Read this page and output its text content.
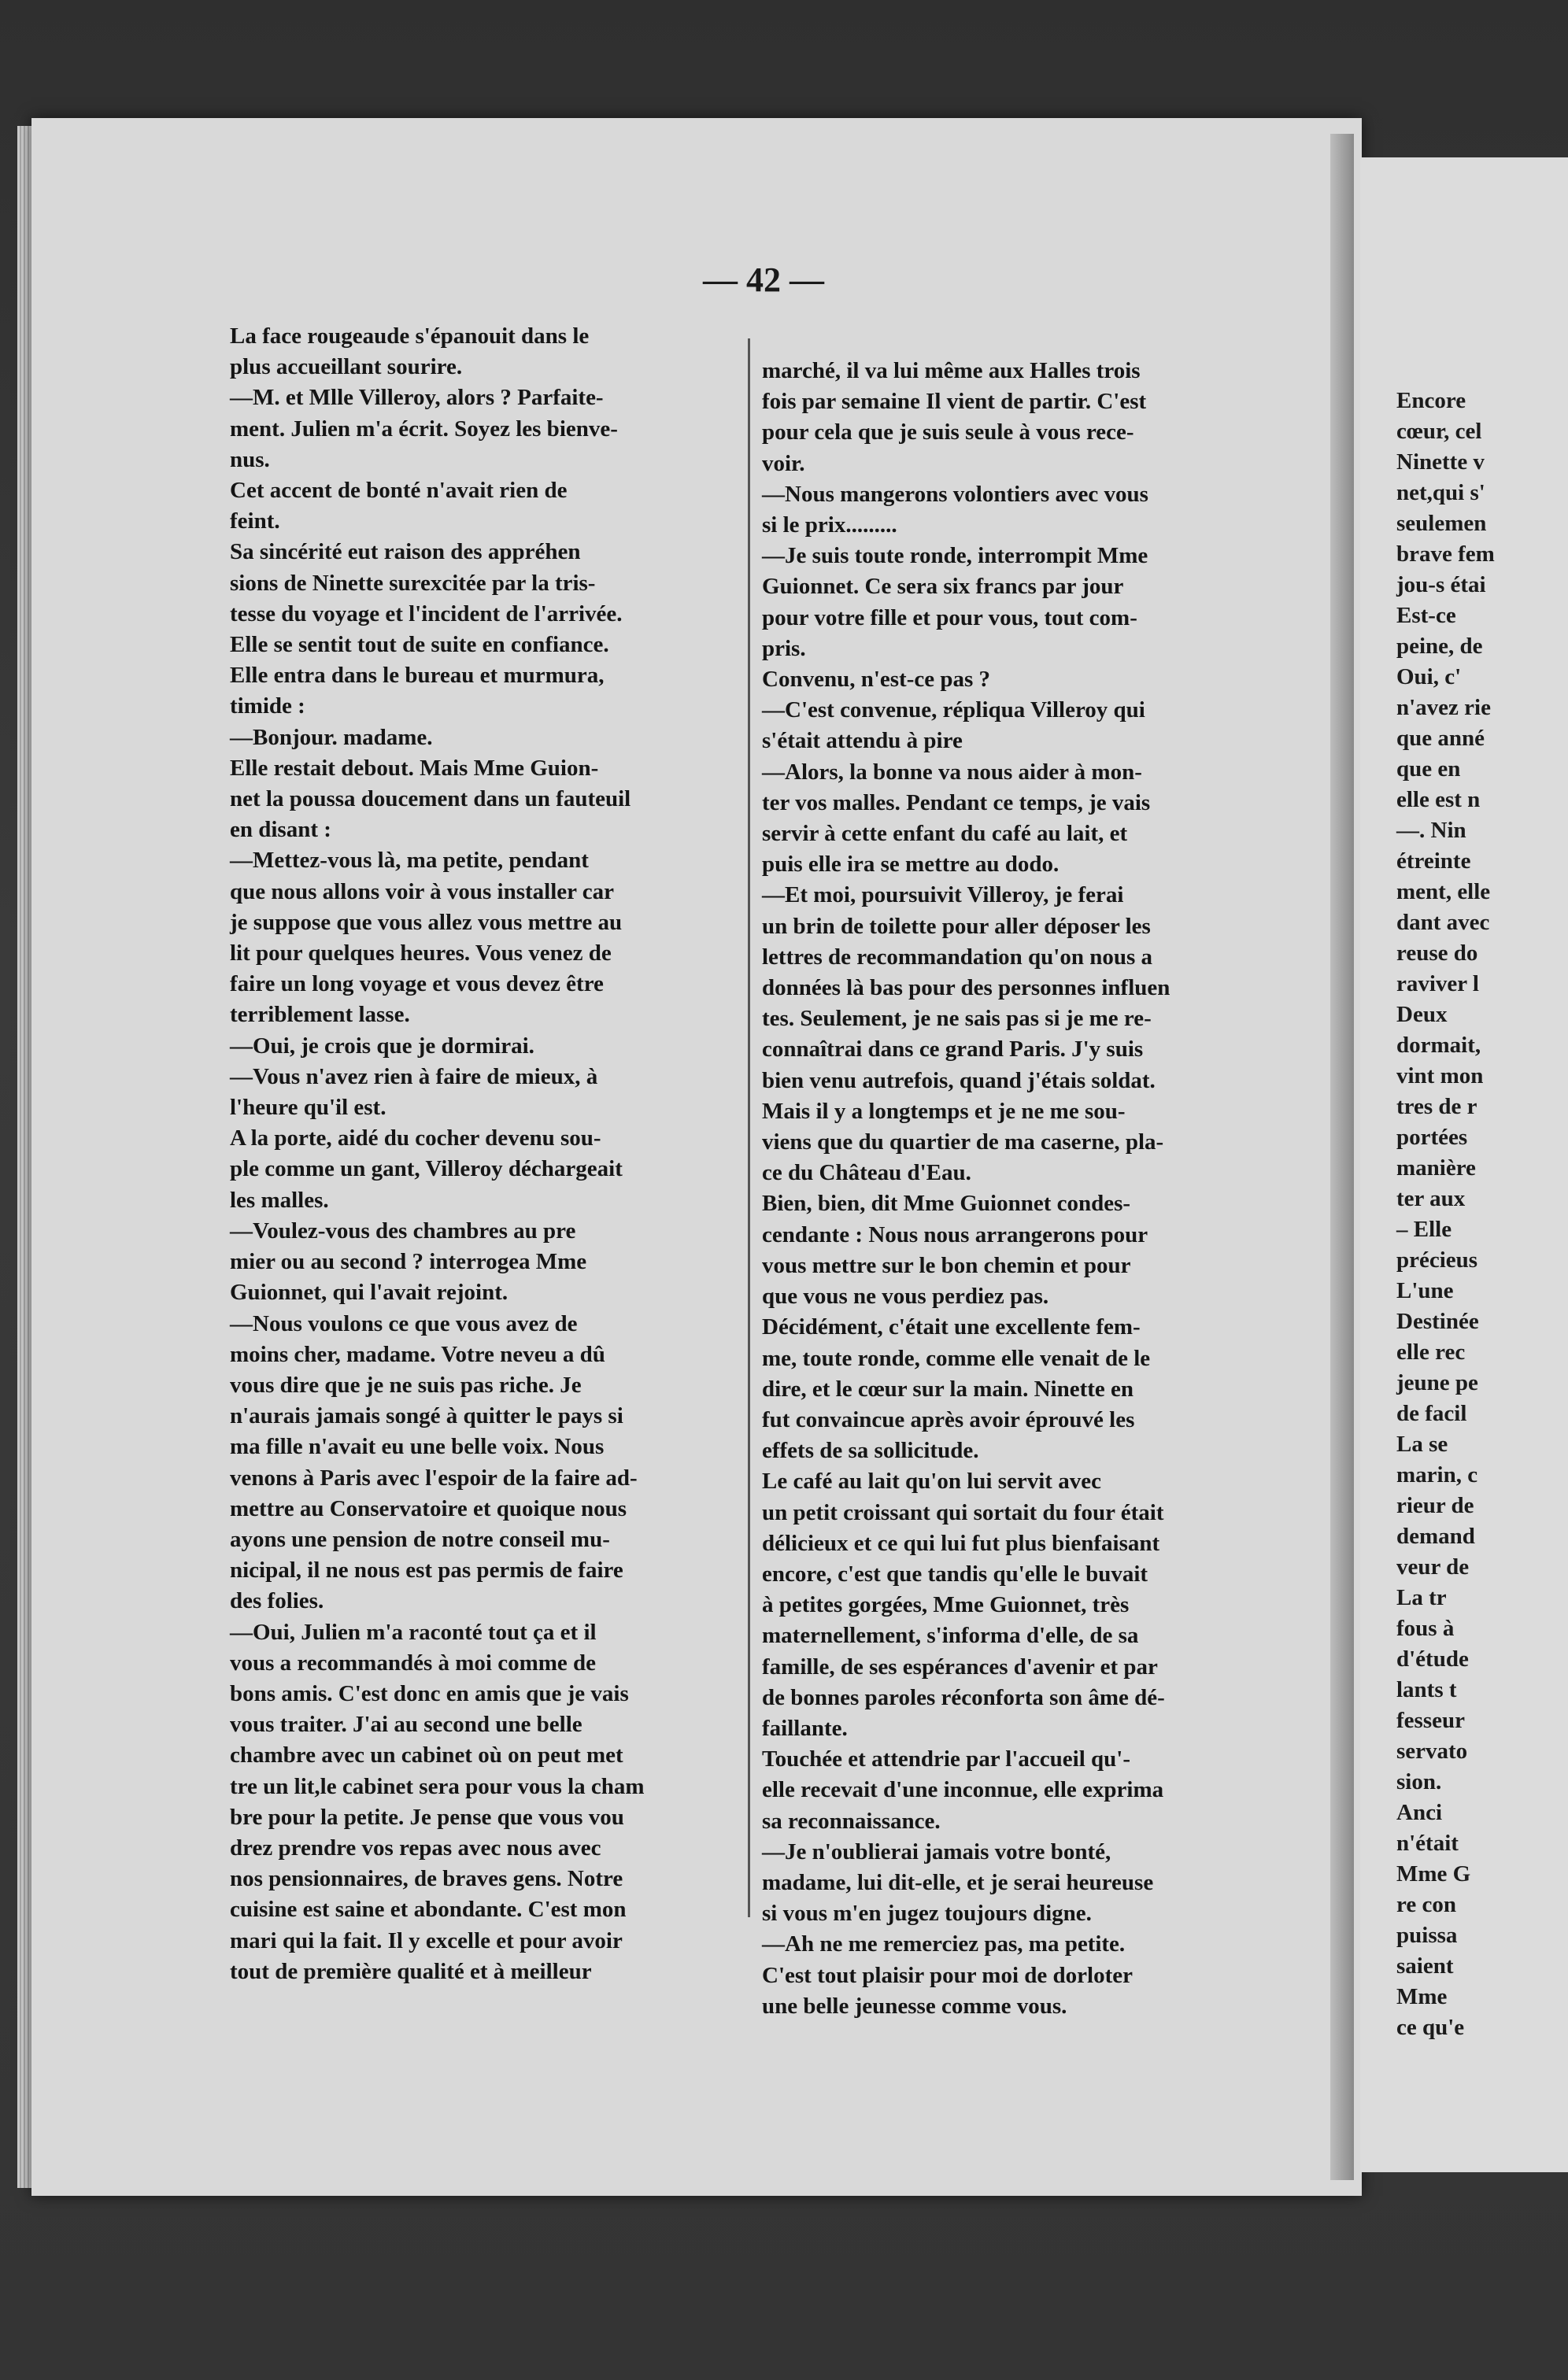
Encore
cœur, cel
Ninette v
net,qui s'
seulemen
brave fem
jou-s étai
Est-ce
peine, de
Oui, c'
n'avez rie
que anné
que en
elle est n
—. Nin
étreinte
ment, elle
dant avec
reuse do
raviver l
Deux
dormait,
vint mon
tres de r
portées
manière
ter aux
– Elle
précieus
L'une
Destinée
elle rec
jeune pe
de facil
La se
marin, c
rieur de
demand
veur de
La tr
fous à
d'étude
lants t
fesseur
servato
sion.
Anci
n'était
Mme G
re con
puissa
saient
Mme
ce qu'e
— 42 —
La face rougeaude s'épanouit dans le
plus accueillant sourire.
—M. et Mlle Villeroy, alors ? Parfaite-
ment. Julien m'a écrit. Soyez les bienve-
nus.
Cet accent de bonté n'avait rien de
feint.
Sa sincérité eut raison des appréhen
sions de Ninette surexcitée par la tris-
tesse du voyage et l'incident de l'arrivée.
Elle se sentit tout de suite en confiance.
Elle entra dans le bureau et murmura,
timide :
—Bonjour. madame.
Elle restait debout. Mais Mme Guion-
net la poussa doucement dans un fauteuil
en disant :
—Mettez-vous là, ma petite, pendant
que nous allons voir à vous installer car
je suppose que vous allez vous mettre au
lit pour quelques heures. Vous venez de
faire un long voyage et vous devez être
terriblement lasse.
—Oui, je crois que je dormirai.
—Vous n'avez rien à faire de mieux, à
l'heure qu'il est.
A la porte, aidé du cocher devenu sou-
ple comme un gant, Villeroy déchargeait
les malles.
—Voulez-vous des chambres au pre
mier ou au second ? interrogea Mme
Guionnet, qui l'avait rejoint.
—Nous voulons ce que vous avez de
moins cher, madame. Votre neveu a dû
vous dire que je ne suis pas riche. Je
n'aurais jamais songé à quitter le pays si
ma fille n'avait eu une belle voix. Nous
venons à Paris avec l'espoir de la faire ad-
mettre au Conservatoire et quoique nous
ayons une pension de notre conseil mu-
nicipal, il ne nous est pas permis de faire
des folies.
—Oui, Julien m'a raconté tout ça et il
vous a recommandés à moi comme de
bons amis. C'est donc en amis que je vais
vous traiter. J'ai au second une belle
chambre avec un cabinet où on peut met
tre un lit,le cabinet sera pour vous la cham
bre pour la petite. Je pense que vous vou
drez prendre vos repas avec nous avec
nos pensionnaires, de braves gens. Notre
cuisine est saine et abondante. C'est mon
mari qui la fait. Il y excelle et pour avoir
tout de première qualité et à meilleur
marché, il va lui même aux Halles trois
fois par semaine Il vient de partir. C'est
pour cela que je suis seule à vous rece-
voir.
—Nous mangerons volontiers avec vous
si le prix.........
—Je suis toute ronde, interrompit Mme
Guionnet. Ce sera six francs par jour
pour votre fille et pour vous, tout com-
pris.
Convenu, n'est-ce pas ?
—C'est convenue, répliqua Villeroy qui
s'était attendu à pire
—Alors, la bonne va nous aider à mon-
ter vos malles. Pendant ce temps, je vais
servir à cette enfant du café au lait, et
puis elle ira se mettre au dodo.
—Et moi, poursuivit Villeroy, je ferai
un brin de toilette pour aller déposer les
lettres de recommandation qu'on nous a
données là bas pour des personnes influen
tes. Seulement, je ne sais pas si je me re-
connaîtrai dans ce grand Paris. J'y suis
bien venu autrefois, quand j'étais soldat.
Mais il y a longtemps et je ne me sou-
viens que du quartier de ma caserne, pla-
ce du Château d'Eau.
Bien, bien, dit Mme Guionnet condes-
cendante : Nous nous arrangerons pour
vous mettre sur le bon chemin et pour
que vous ne vous perdiez pas.
Décidément, c'était une excellente fem-
me, toute ronde, comme elle venait de le
dire, et le cœur sur la main. Ninette en
fut convaincue après avoir éprouvé les
effets de sa sollicitude.
Le café au lait qu'on lui servit avec
un petit croissant qui sortait du four était
délicieux et ce qui lui fut plus bienfaisant
encore, c'est que tandis qu'elle le buvait
à petites gorgées, Mme Guionnet, très
maternellement, s'informa d'elle, de sa
famille, de ses espérances d'avenir et par
de bonnes paroles réconforta son âme dé-
faillante.
Touchée et attendrie par l'accueil qu'-
elle recevait d'une inconnue, elle exprima
sa reconnaissance.
—Je n'oublierai jamais votre bonté,
madame, lui dit-elle, et je serai heureuse
si vous m'en jugez toujours digne.
—Ah ne me remerciez pas, ma petite.
C'est tout plaisir pour moi de dorloter
une belle jeunesse comme vous.
